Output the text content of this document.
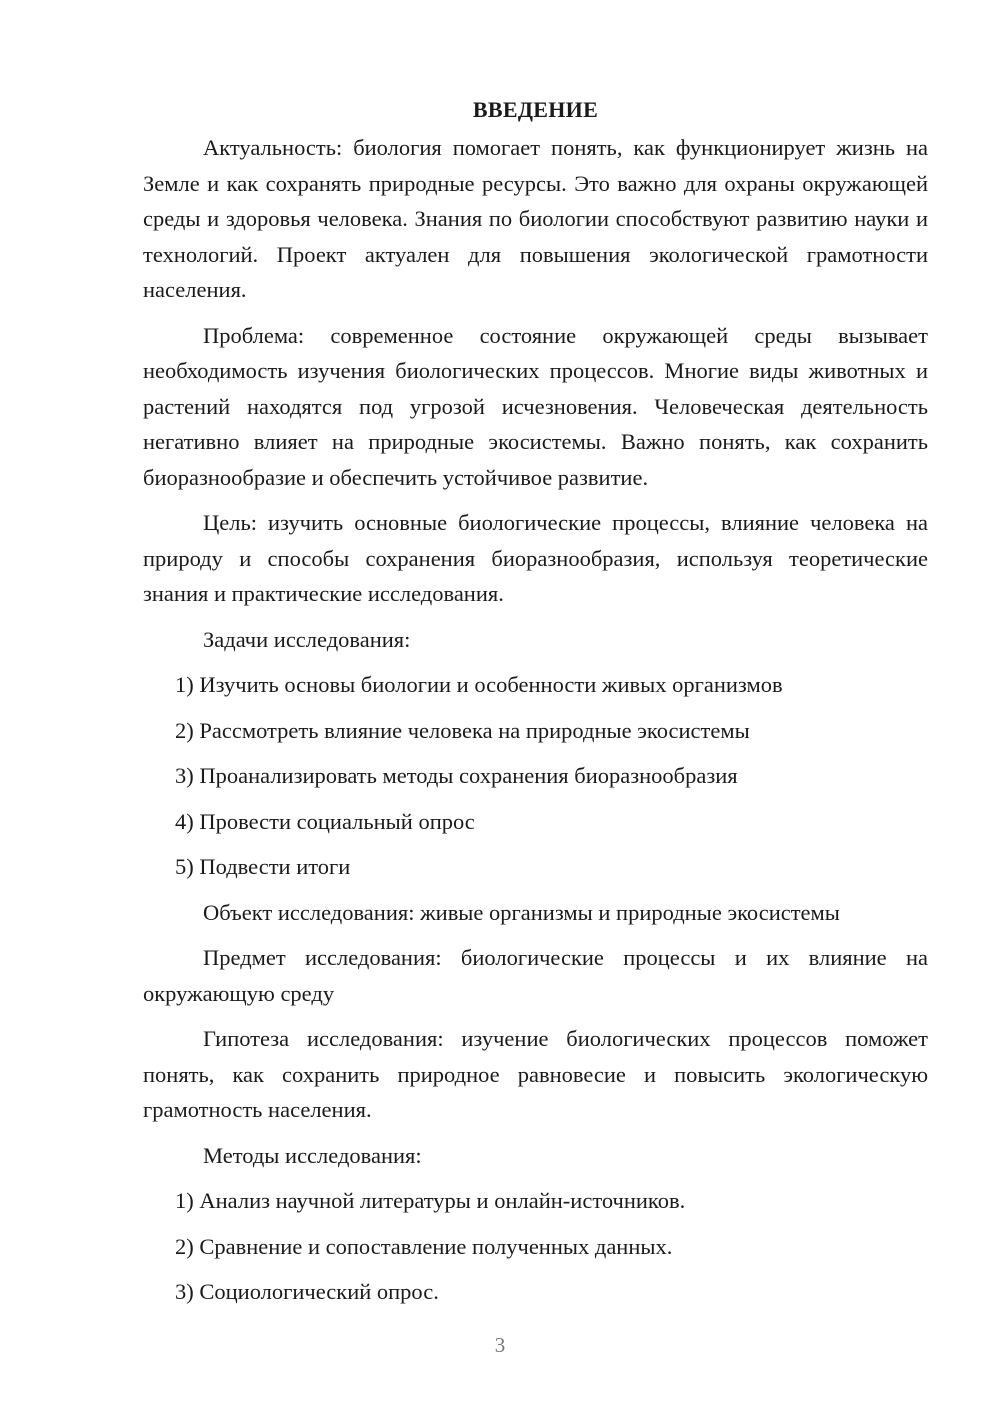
ВВЕДЕНИЕ

Актуальность: биология помогает понять, как функционирует жизнь на Земле и как сохранять природные ресурсы. Это важно для охраны окружающей среды и здоровья человека. Знания по биологии способствуют развитию науки и технологий. Проект актуален для повышения экологической грамотности населения.

Проблема: современное состояние окружающей среды вызывает необходимость изучения биологических процессов. Многие виды животных и растений находятся под угрозой исчезновения. Человеческая деятельность негативно влияет на природные экосистемы. Важно понять, как сохранить биоразнообразие и обеспечить устойчивое развитие.

Цель: изучить основные биологические процессы, влияние человека на природу и способы сохранения биоразнообразия, используя теоретические знания и практические исследования.

Задачи исследования:

1) Изучить основы биологии и особенности живых организмов
2) Рассмотреть влияние человека на природные экосистемы
3) Проанализировать методы сохранения биоразнообразия
4) Провести социальный опрос
5) Подвести итоги

Объект исследования: живые организмы и природные экосистемы

Предмет исследования: биологические процессы и их влияние на окружающую среду

Гипотеза исследования: изучение биологических процессов поможет понять, как сохранить природное равновесие и повысить экологическую грамотность населения.

Методы исследования:

1) Анализ научной литературы и онлайн-источников.
2) Сравнение и сопоставление полученных данных.
3) Социологический опрос.
3
